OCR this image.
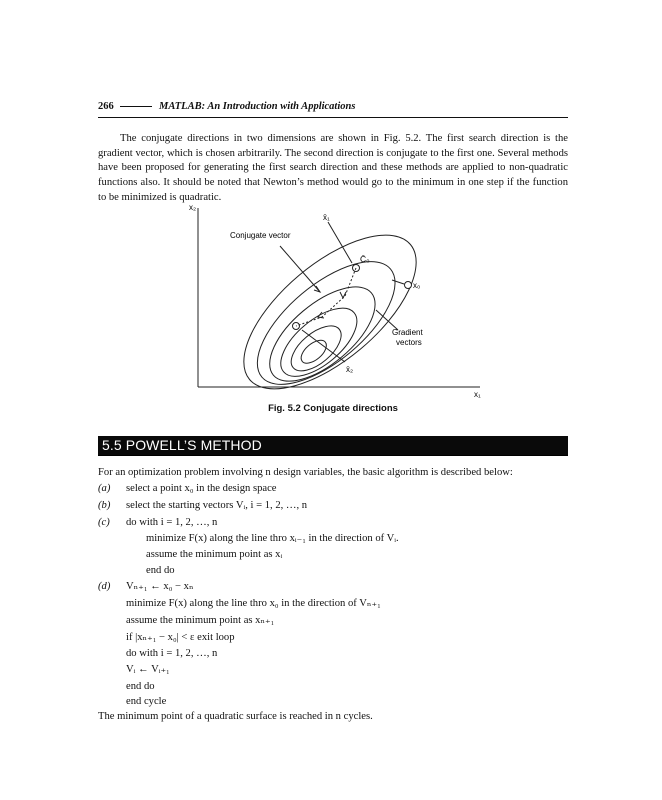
266	MATLAB: An Introduction with Applications
The conjugate directions in two dimensions are shown in Fig. 5.2. The first search direction is the gradient vector, which is chosen arbitrarily. The second direction is conjugate to the first one. Several methods have been proposed for generating the first search direction and these methods are applied to non-quadratic functions also. It should be noted that Newton’s method would go to the minimum in one step if the function to be minimized is quadratic.
x₂
x₁
x̄₁
Conjugate vector
C̄₀
x₀
Gradient
vectors
x̄₂
Fig. 5.2 Conjugate directions
5.5 POWELL’S METHOD
For an optimization problem involving n design variables, the basic algorithm is described below:
(a) select a point x₀ in the design space
(b) select the starting vectors Vᵢ, i = 1, 2, …, n
(c) do with i = 1, 2, …, n
minimize F(x) along the line thro xᵢ₋₁ in the direction of Vᵢ.
assume the minimum point as xᵢ
end do
(d) Vₙ₊₁ ← x₀ − xₙ
minimize F(x) along the line thro x₀ in the direction of Vₙ₊₁
assume the minimum point as xₙ₊₁
if |xₙ₊₁ − x₀| < ε exit loop
do with i = 1, 2, …, n
Vᵢ ← Vᵢ₊₁
end do
end cycle
The minimum point of a quadratic surface is reached in n cycles.
